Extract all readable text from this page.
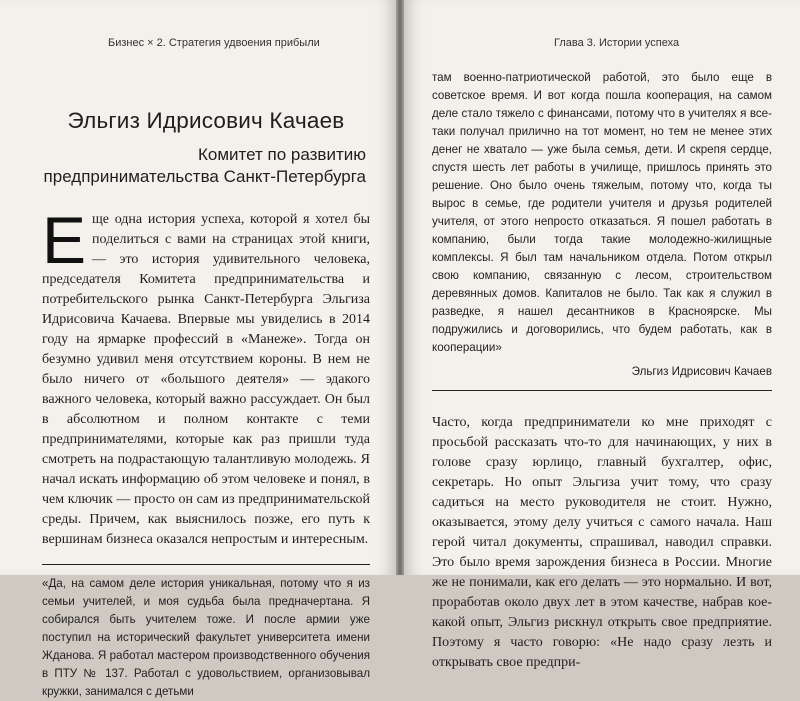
Бизнес × 2. Стратегия удвоения прибыли
Эльгиз Идрисович Качаев
Комитет по развитию
предпринимательства Санкт-Петербурга
Еще одна история успеха, которой я хотел бы поделиться с вами на страницах этой книги, — это история удивительного человека, председателя Комитета предпринимательства и потребительского рынка Санкт-Петербурга Эльгиза Идрисовича Качаева. Впервые мы увиделись в 2014 году на ярмарке профессий в «Манеже». Тогда он безумно удивил меня отсутствием короны. В нем не было ничего от «большого деятеля» — эдакого важного человека, который важно рассуждает. Он был в абсолютном и полном контакте с теми предпринимателями, которые как раз пришли туда смотреть на подрастающую талантливую молодежь. Я начал искать информацию об этом человеке и понял, в чем ключик — просто он сам из предпринимательской среды. Причем, как выяснилось позже, его путь к вершинам бизнеса оказался непростым и интересным.
«Да, на самом деле история уникальная, потому что я из семьи учителей, и моя судьба была предначертана. Я собирался быть учителем тоже. И после армии уже поступил на исторический факультет университета имени Жданова. Я работал мастером производственного обучения в ПТУ № 137. Работал с удовольствием, организовывал кружки, занимался с детьми
Глава 3. Истории успеха
там военно-патриотической работой, это было еще в советское время. И вот когда пошла кооперация, на самом деле стало тяжело с финансами, потому что в учителях я все-таки получал прилично на тот момент, но тем не менее этих денег не хватало — уже была семья, дети. И скрепя сердце, спустя шесть лет работы в училище, пришлось принять это решение. Оно было очень тяжелым, потому что, когда ты вырос в семье, где родители учителя и друзья родителей учителя, от этого непросто отказаться. Я пошел работать в компанию, были тогда такие молодежно-жилищные комплексы. Я был там начальником отдела. Потом открыл свою компанию, связанную с лесом, строительством деревянных домов. Капиталов не было. Так как я служил в разведке, я нашел десантников в Красноярске. Мы подружились и договорились, что будем работать, как в кооперации»
Эльгиз Идрисович Качаев
Часто, когда предприниматели ко мне приходят с просьбой рассказать что-то для начинающих, у них в голове сразу юрлицо, главный бухгалтер, офис, секретарь. Но опыт Эльгиза учит тому, что сразу садиться на место руководителя не стоит. Нужно, оказывается, этому делу учиться с самого начала. Наш герой читал документы, спрашивал, наводил справки. Это было время зарождения бизнеса в России. Многие же не понимали, как его делать — это нормально. И вот, проработав около двух лет в этом качестве, набрав кое-какой опыт, Эльгиз рискнул открыть свое предприятие. Поэтому я часто говорю: «Не надо сразу лезть и открывать свое предпри-
